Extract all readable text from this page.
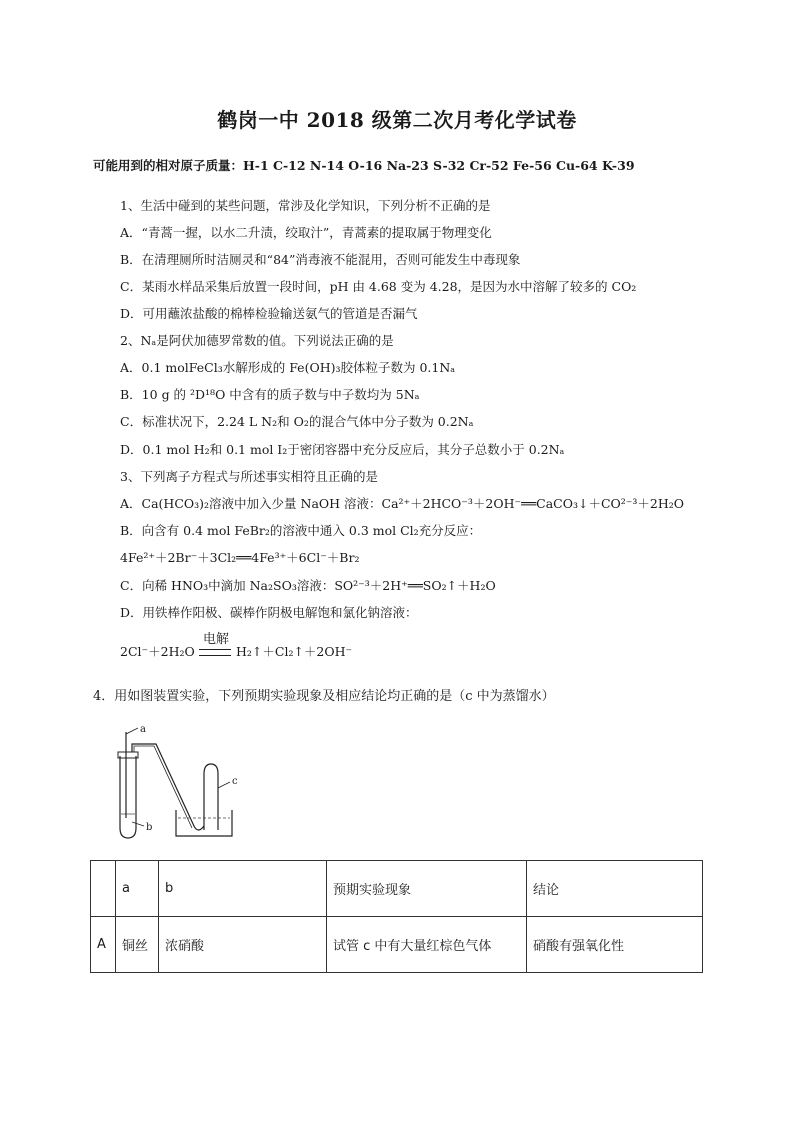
鹤岗一中 2018 级第二次月考化学试卷
可能用到的相对原子质量：H-1 C-12 N-14 O-16 Na-23 S-32 Cr-52 Fe-56 Cu-64 K-39
1、生活中碰到的某些问题，常涉及化学知识，下列分析不正确的是
A．“青蒿一握，以水二升渍，绞取汁”，青蒿素的提取属于物理变化
B．在清理厕所时洁厕灵和“84”消毒液不能混用，否则可能发生中毒现象
C．某雨水样品采集后放置一段时间，pH 由 4.68 变为 4.28，是因为水中溶解了较多的 CO₂
D．可用蘸浓盐酸的棉棒检验输送氨气的管道是否漏气
2、Nₐ是阿伏加德罗常数的值。下列说法正确的是
A．0.1 molFeCl₃水解形成的 Fe(OH)₃胶体粒子数为 0.1Nₐ
B．10 g 的 ²D¹⁸O 中含有的质子数与中子数均为 5Nₐ
C．标准状况下，2.24 L N₂和 O₂的混合气体中分子数为 0.2Nₐ
D．0.1 mol H₂和 0.1 mol I₂于密闭容器中充分反应后，其分子总数小于 0.2Nₐ
3、下列离子方程式与所述事实相符且正确的是
A．Ca(HCO₃)₂溶液中加入少量 NaOH 溶液：Ca²⁺＋2HCO⁻³＋2OH⁻══CaCO₃↓＋CO²⁻³＋2H₂O
B．向含有 0.4 mol FeBr₂的溶液中通入 0.3 mol Cl₂充分反应：
4Fe²⁺＋2Br⁻＋3Cl₂══4Fe³⁺＋6Cl⁻＋Br₂
C．向稀 HNO₃中滴加 Na₂SO₃溶液：SO²⁻³＋2H⁺══SO₂↑＋H₂O
D．用铁棒作阳极、碳棒作阴极电解饱和氯化钠溶液：
电解
2Cl⁻＋2H₂O	H₂↑＋Cl₂↑＋2OH⁻
4．用如图装置实验，下列预期实验现象及相应结论均正确的是（c 中为蒸馏水）
a
b
c
	a	b	预期实验现象	结论
A	铜丝	浓硝酸	试管 c 中有大量红棕色气体	硝酸有强氧化性
